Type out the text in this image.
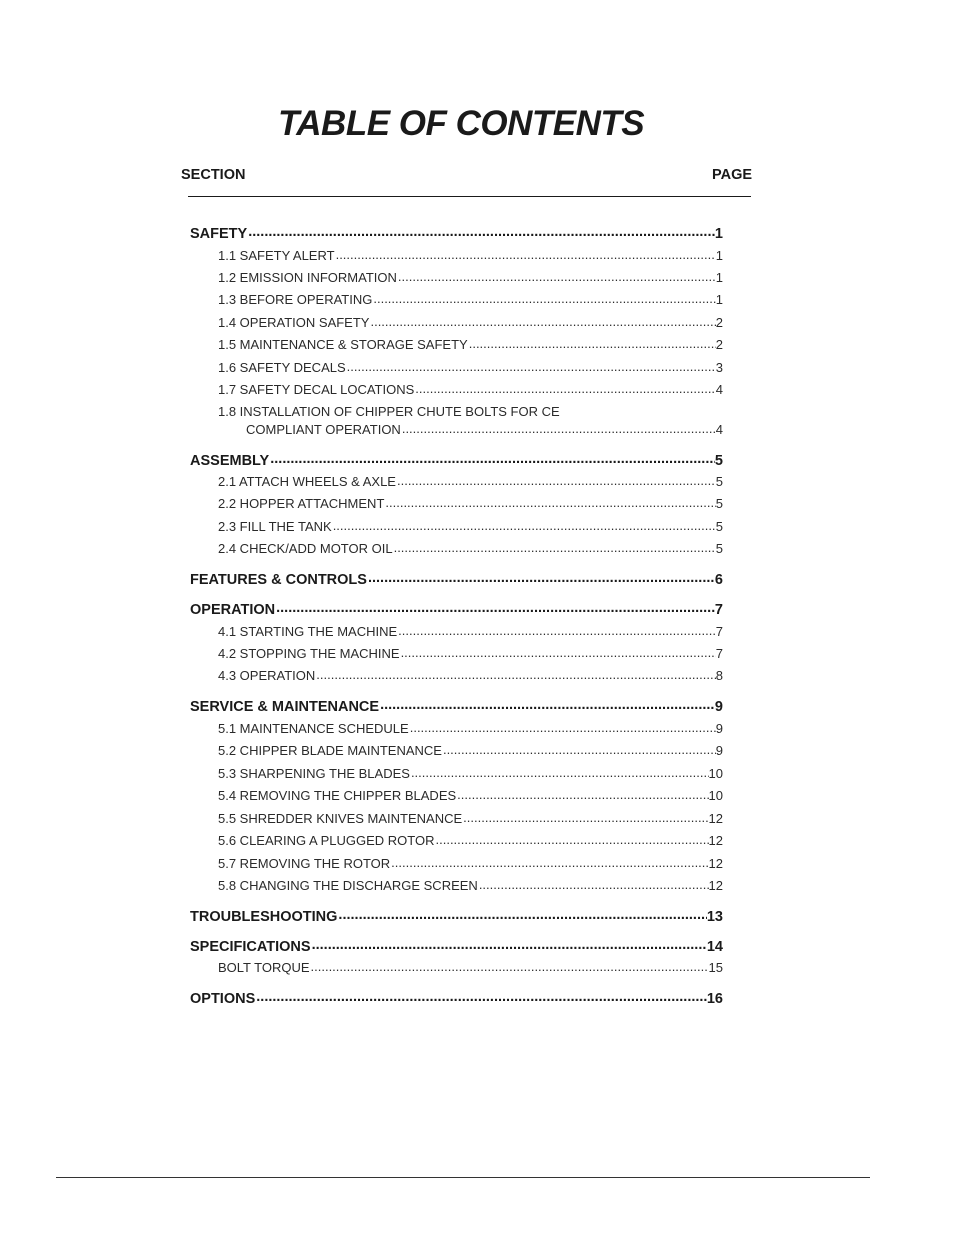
TABLE OF CONTENTS
SECTION	PAGE
SAFETY .....	1
1.1 SAFETY ALERT .....	1
1.2 EMISSION INFORMATION .....	1
1.3 BEFORE OPERATING .....	1
1.4 OPERATION SAFETY .....	2
1.5 MAINTENANCE & STORAGE SAFETY .....	2
1.6 SAFETY DECALS .....	3
1.7 SAFETY DECAL LOCATIONS .....	4
1.8 INSTALLATION OF CHIPPER CHUTE BOLTS FOR CE
COMPLIANT OPERATION .....	4
ASSEMBLY .....	5
2.1 ATTACH WHEELS & AXLE .....	5
2.2 HOPPER ATTACHMENT .....	5
2.3 FILL THE TANK .....	5
2.4 CHECK/ADD MOTOR OIL .....	5
FEATURES & CONTROLS .....	6
OPERATION .....	7
4.1 STARTING THE MACHINE .....	7
4.2 STOPPING THE MACHINE .....	7
4.3 OPERATION .....	8
SERVICE & MAINTENANCE .....	9
5.1 MAINTENANCE SCHEDULE .....	9
5.2 CHIPPER BLADE MAINTENANCE .....	9
5.3 SHARPENING THE BLADES .....	10
5.4 REMOVING THE CHIPPER BLADES .....	10
5.5 SHREDDER KNIVES MAINTENANCE .....	12
5.6 CLEARING A PLUGGED ROTOR .....	12
5.7 REMOVING THE ROTOR .....	12
5.8 CHANGING THE DISCHARGE SCREEN .....	12
TROUBLESHOOTING .....	13
SPECIFICATIONS .....	14
BOLT TORQUE .....	15
OPTIONS .....	16
